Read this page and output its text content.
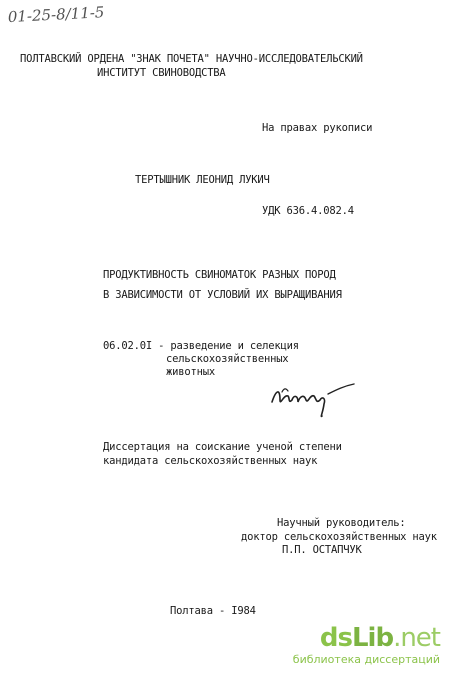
01-25-8/11-5
ПОЛТАВСКИЙ ОРДЕНА "ЗНАК ПОЧЕТА" НАУЧНО-ИССЛЕДОВАТЕЛЬСКИЙ
ИНСТИТУТ СВИНОВОДСТВА
На правах рукописи
ТЕРТЫШНИК ЛЕОНИД ЛУКИЧ
УДК 636.4.082.4
ПРОДУКТИВНОСТЬ СВИНОМАТОК РАЗНЫХ ПОРОД
В ЗАВИСИМОСТИ ОТ УСЛОВИЙ ИХ ВЫРАЩИВАНИЯ
06.02.0I - разведение и селекция
сельскохозяйственных
животных
Диссертация на соискание ученой степени
кандидата сельскохозяйственных наук
Научный руководитель:
доктор сельскохозяйственных наук
П.П. ОСТАПЧУК
Полтава - I984
dsLib.net
библиотека диссертаций
